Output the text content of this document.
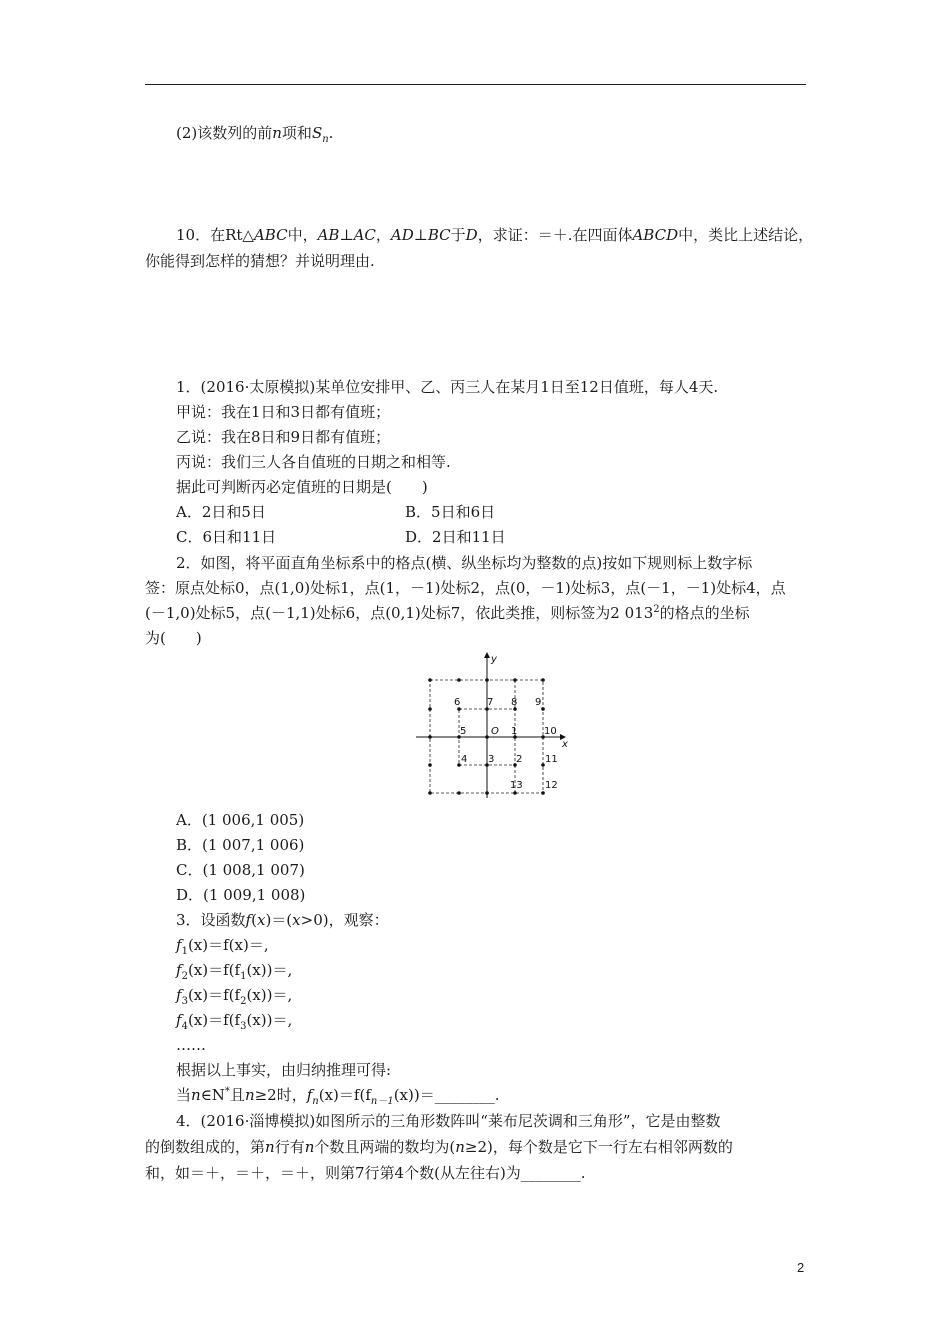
(2)该数列的前n项和$S_n$.
10．在Rt△ABC中，AB⊥AC，AD⊥BC于D，求证：＝＋.在四面体ABCD中，类比上述结论，
你能得到怎样的猜想？并说明理由.
1．(2016·太原模拟)某单位安排甲、乙、丙三人在某月1日至12日值班，每人4天.
甲说：我在1日和3日都有值班；
乙说：我在8日和9日都有值班；
丙说：我们三人各自值班的日期之和相等.
据此可判断丙必定值班的日期是(　　)
A．2日和5日	B．5日和6日
C．6日和11日	D．2日和11日
2．如图，将平面直角坐标系中的格点(横、纵坐标均为整数的点)按如下规则标上数字标
签：原点处标0，点(1,0)处标1，点(1，－1)处标2，点(0，－1)处标3，点(－1，－1)处标4，点
(－1,0)处标5，点(－1,1)处标6，点(0,1)处标7，依此类推，则标签为2 $013^2$的格点的坐标
为(　　)
x
y
O
6	7 8 9
5	1	10
4 3 2 11
13 12
A．(1 006,1 005)
B．(1 007,1 006)
C．(1 008,1 007)
D．(1 009,1 008)
3．设函数f(x)＝(x>0)，观察：
$f_1(x)=f(x)=$,
$f_2(x)=f(f_1(x))=$,
$f_3(x)=f(f_2(x))=$,
$f_4(x)=f(f_3(x))=$,
……
根据以上事实，由归纳推理可得:
当n∈N*且n≥2时，$f_n(x)=f(f_{n-1}(x))=\_\_\_\_\_\_\_\_$.
4．(2016·淄博模拟)如图所示的三角形数阵叫“莱布尼茨调和三角形”，它是由整数
的倒数组成的，第n行有n个数且两端的数均为(n≥2)，每个数是它下一行左右相邻两数的
和，如＝＋，＝＋，＝＋，则第7行第4个数(从左往右)为________.
2
